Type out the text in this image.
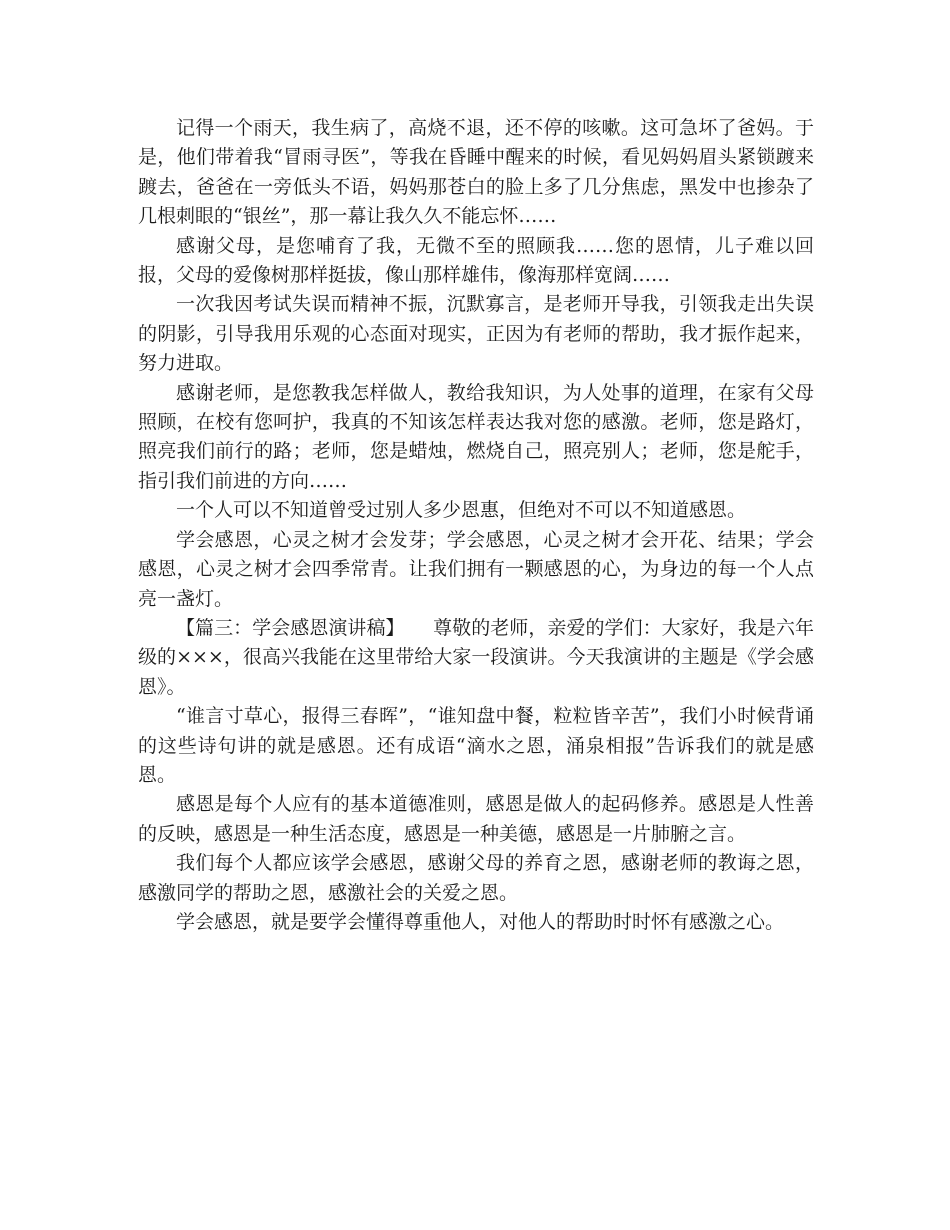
记得一个雨天，我生病了，高烧不退，还不停的咳嗽。这可急坏了爸妈。于是，他们带着我“冒雨寻医”，等我在昏睡中醒来的时候，看见妈妈眉头紧锁踱来踱去，爸爸在一旁低头不语，妈妈那苍白的脸上多了几分焦虑，黑发中也掺杂了几根刺眼的“银丝”，那一幕让我久久不能忘怀……

感谢父母，是您哺育了我，无微不至的照顾我……您的恩情，儿子难以回报，父母的爱像树那样挺拔，像山那样雄伟，像海那样宽阔……

一次我因考试失误而精神不振，沉默寡言，是老师开导我，引领我走出失误的阴影，引导我用乐观的心态面对现实，正因为有老师的帮助，我才振作起来，努力进取。

感谢老师，是您教我怎样做人，教给我知识，为人处事的道理，在家有父母照顾，在校有您呵护，我真的不知该怎样表达我对您的感激。老师，您是路灯，照亮我们前行的路；老师，您是蜡烛，燃烧自己，照亮别人；老师，您是舵手，指引我们前进的方向……

一个人可以不知道曾受过别人多少恩惠，但绝对不可以不知道感恩。

学会感恩，心灵之树才会发芽；学会感恩，心灵之树才会开花、结果；学会感恩，心灵之树才会四季常青。让我们拥有一颗感恩的心，为身边的每一个人点亮一盏灯。

【篇三：学会感恩演讲稿】　　尊敬的老师，亲爱的学们：大家好，我是六年级的×××，很高兴我能在这里带给大家一段演讲。今天我演讲的主题是《学会感恩》。

“谁言寸草心，报得三春晖”，“谁知盘中餐，粒粒皆辛苦”，我们小时候背诵的这些诗句讲的就是感恩。还有成语“滴水之恩，涌泉相报”告诉我们的就是感恩。

感恩是每个人应有的基本道德准则，感恩是做人的起码修养。感恩是人性善的反映，感恩是一种生活态度，感恩是一种美德，感恩是一片肺腑之言。

我们每个人都应该学会感恩，感谢父母的养育之恩，感谢老师的教诲之恩，感激同学的帮助之恩，感激社会的关爱之恩。

学会感恩，就是要学会懂得尊重他人，对他人的帮助时时怀有感激之心。
